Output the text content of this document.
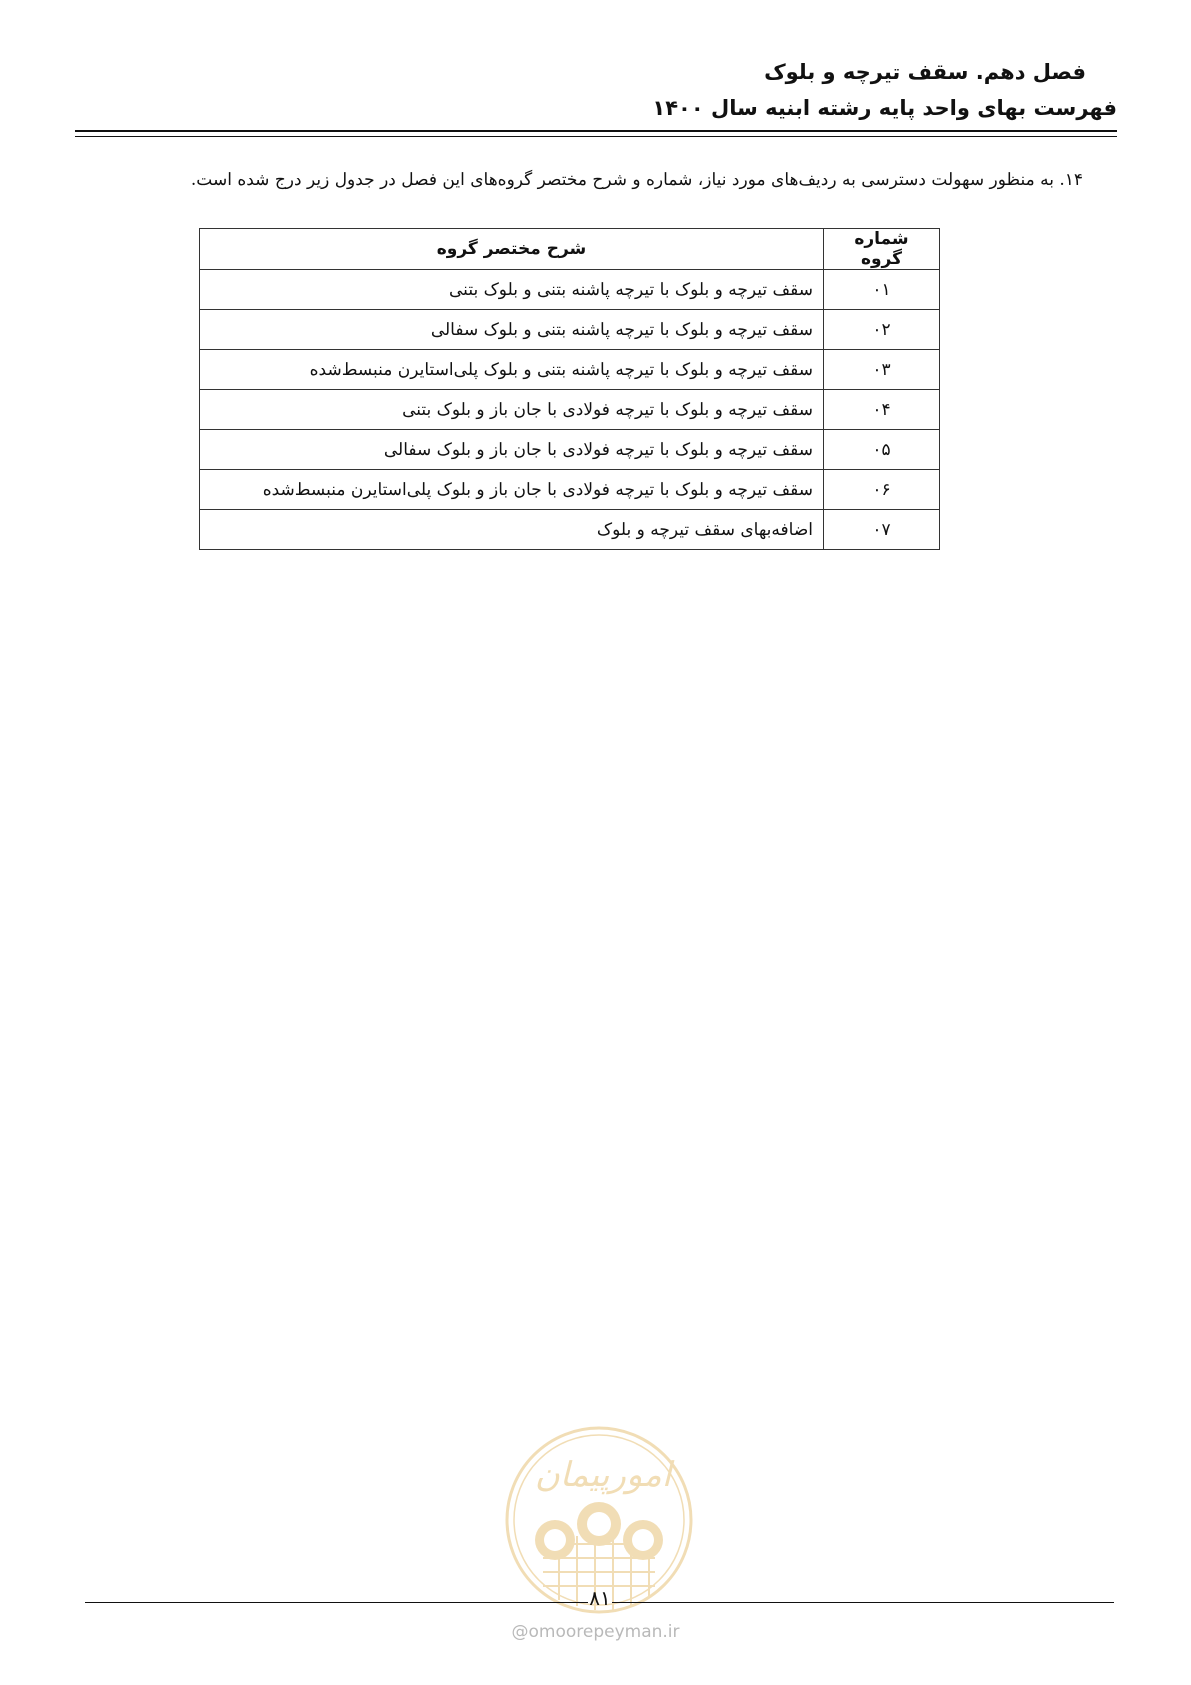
فصل دهم. سقف تیرچه و بلوک
فهرست بهای واحد پایه رشته ابنیه سال ۱۴۰۰
۱۴. به منظور سهولت دسترسی به ردیف‌های مورد نیاز، شماره و شرح مختصر گروه‌های این فصل در جدول زیر درج شده است.
شماره گروه	شرح مختصر گروه
۰۱	سقف تیرچه و بلوک با تیرچه پاشنه بتنی و بلوک بتنی
۰۲	سقف تیرچه و بلوک با تیرچه پاشنه بتنی و بلوک سفالی
۰۳	سقف تیرچه و بلوک با تیرچه پاشنه بتنی و بلوک پلی‌استایرن منبسط‌شده
۰۴	سقف تیرچه و بلوک با تیرچه فولادی با جان باز و بلوک بتنی
۰۵	سقف تیرچه و بلوک با تیرچه فولادی با جان باز و بلوک سفالی
۰۶	سقف تیرچه و بلوک با تیرچه فولادی با جان باز و بلوک پلی‌استایرن منبسط‌شده
۰۷	اضافه‌بهای سقف تیرچه و بلوک
امورپیمان
۸۱
@omoorepeyman.ir
